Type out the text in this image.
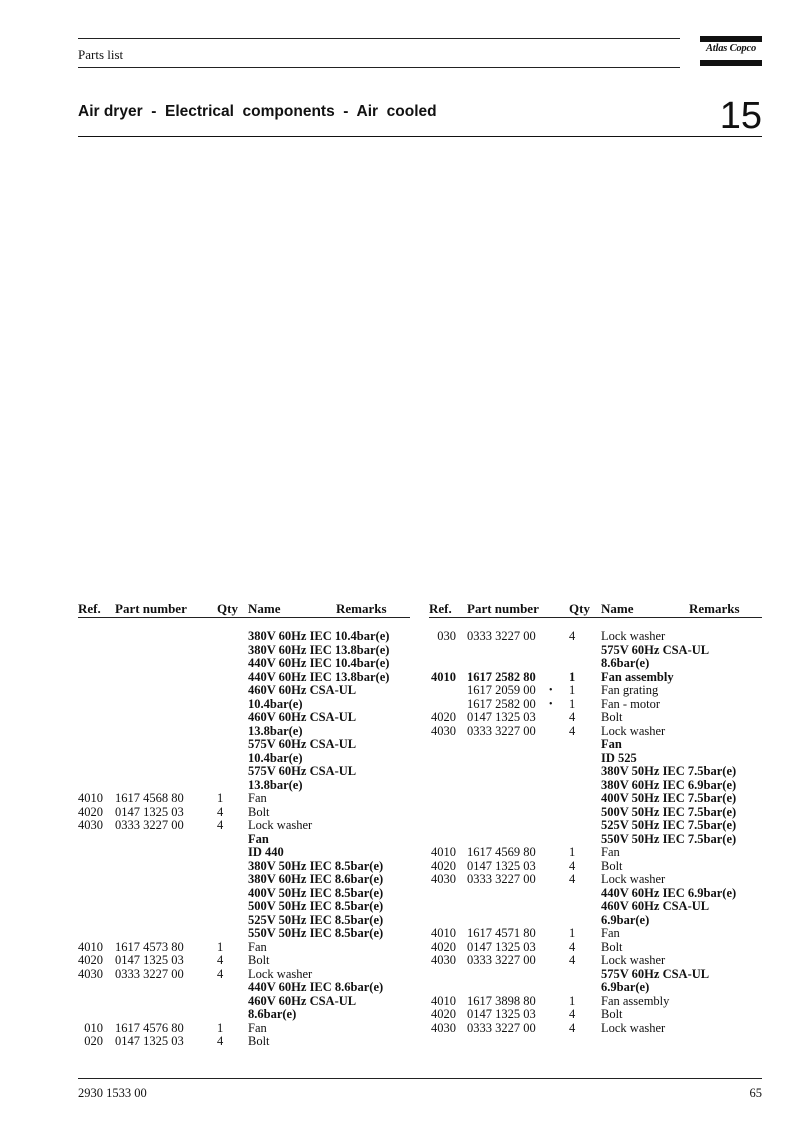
Parts list	Atlas Copco
Air dryer  -  Electrical  components  -  Air  cooled	15
Ref. Part number Qty Name	Remarks	Ref. Part number Qty Name	Remarks
380V 60Hz IEC 10.4bar(e)
380V 60Hz IEC 13.8bar(e)
440V 60Hz IEC 10.4bar(e)
440V 60Hz IEC 13.8bar(e)
460V 60Hz CSA-UL
10.4bar(e)
460V 60Hz CSA-UL
13.8bar(e)
575V 60Hz CSA-UL
10.4bar(e)
575V 60Hz CSA-UL
13.8bar(e)
4010 1617 4568 80	1 Fan
4020 0147 1325 03	4 Bolt
4030 0333 3227 00	4 Lock washer
Fan
ID 440
380V 50Hz IEC 8.5bar(e)
380V 60Hz IEC 8.6bar(e)
400V 50Hz IEC 8.5bar(e)
500V 50Hz IEC 8.5bar(e)
525V 50Hz IEC 8.5bar(e)
550V 50Hz IEC 8.5bar(e)
4010 1617 4573 80	1 Fan
4020 0147 1325 03	4 Bolt
4030 0333 3227 00	4 Lock washer
440V 60Hz IEC 8.6bar(e)
460V 60Hz CSA-UL
8.6bar(e)
010 1617 4576 80	1 Fan
020 0147 1325 03	4 Bolt
030 0333 3227 00	4 Lock washer
575V 60Hz CSA-UL
8.6bar(e)
4010 1617 2582 80	1 Fan assembly
1617 2059 00	1 Fan grating
•
1617 2582 00	1 Fan - motor
•
4020 0147 1325 03	4 Bolt
4030 0333 3227 00	4 Lock washer
Fan
ID 525
380V 50Hz IEC 7.5bar(e)
380V 60Hz IEC 6.9bar(e)
400V 50Hz IEC 7.5bar(e)
500V 50Hz IEC 7.5bar(e)
525V 50Hz IEC 7.5bar(e)
550V 50Hz IEC 7.5bar(e)
4010 1617 4569 80	1 Fan
4020 0147 1325 03	4 Bolt
4030 0333 3227 00	4 Lock washer
440V 60Hz IEC 6.9bar(e)
460V 60Hz CSA-UL
6.9bar(e)
4010 1617 4571 80	1 Fan
4020 0147 1325 03	4 Bolt
4030 0333 3227 00	4 Lock washer
575V 60Hz CSA-UL
6.9bar(e)
4010 1617 3898 80	1 Fan assembly
4020 0147 1325 03	4 Bolt
4030 0333 3227 00	4 Lock washer
2930 1533 00	65
